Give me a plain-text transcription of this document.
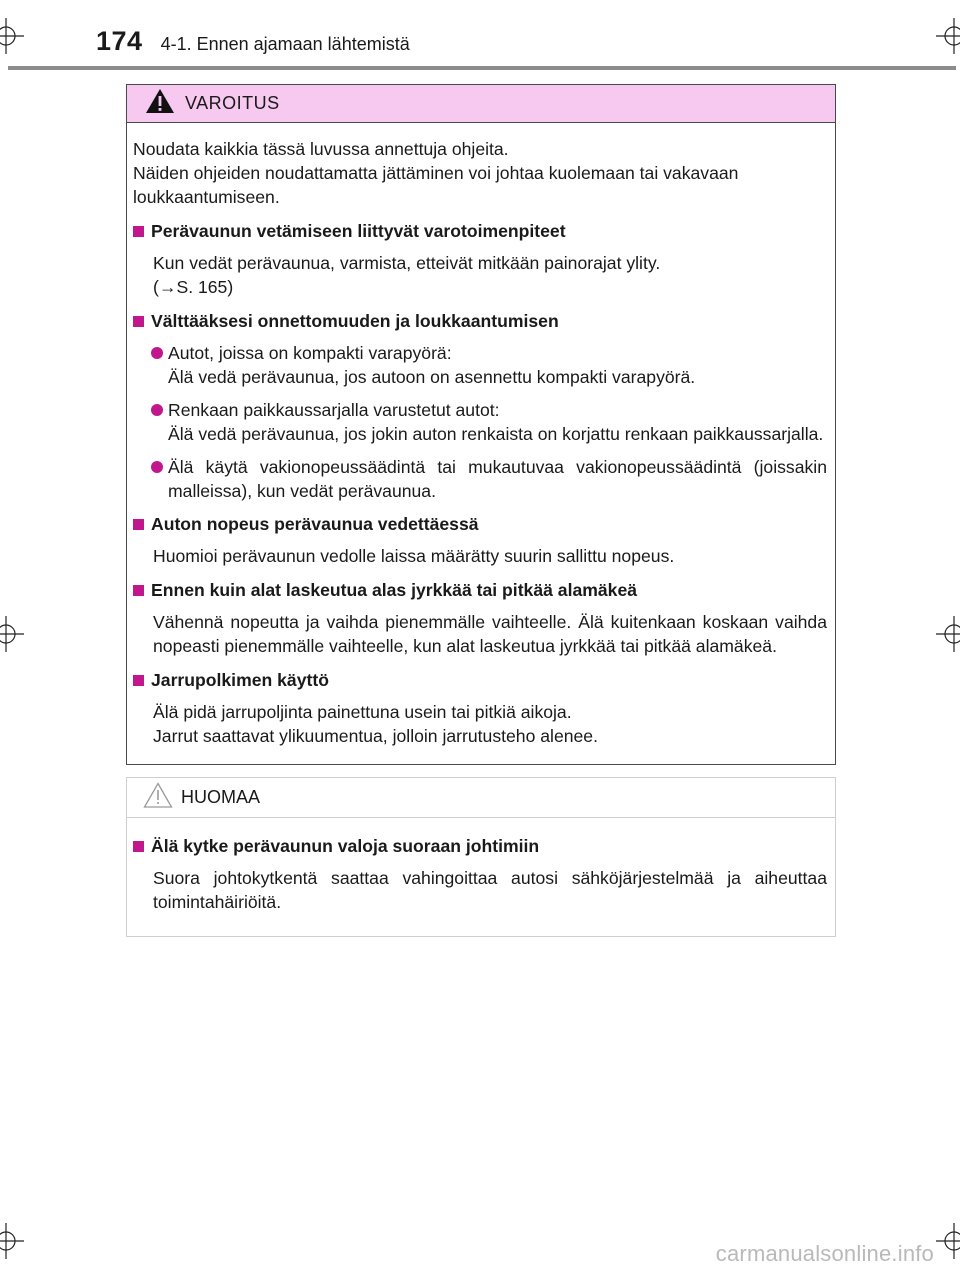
174 4-1. Ennen ajamaan lähtemistä
VAROITUS
Noudata kaikkia tässä luvussa annettuja ohjeita.
Näiden ohjeiden noudattamatta jättäminen voi johtaa kuolemaan tai vakavaan loukkaantumiseen.
Perävaunun vetämiseen liittyvät varotoimenpiteet
Kun vedät perävaunua, varmista, etteivät mitkään painorajat ylity.
(→S. 165)
Välttääksesi onnettomuuden ja loukkaantumisen
Autot, joissa on kompakti varapyörä:
Älä vedä perävaunua, jos autoon on asennettu kompakti varapyörä.
Renkaan paikkaussarjalla varustetut autot:
Älä vedä perävaunua, jos jokin auton renkaista on korjattu renkaan paikkaussarjalla.
Älä käytä vakionopeussäädintä tai mukautuvaa vakionopeussäädintä (joissakin malleissa), kun vedät perävaunua.
Auton nopeus perävaunua vedettäessä
Huomioi perävaunun vedolle laissa määrätty suurin sallittu nopeus.
Ennen kuin alat laskeutua alas jyrkkää tai pitkää alamäkeä
Vähennä nopeutta ja vaihda pienemmälle vaihteelle. Älä kuitenkaan koskaan vaihda nopeasti pienemmälle vaihteelle, kun alat laskeutua jyrkkää tai pitkää alamäkeä.
Jarrupolkimen käyttö
Älä pidä jarrupoljinta painettuna usein tai pitkiä aikoja.
Jarrut saattavat ylikuumentua, jolloin jarrutusteho alenee.
HUOMAA
Älä kytke perävaunun valoja suoraan johtimiin
Suora johtokytkentä saattaa vahingoittaa autosi sähköjärjestelmää ja aiheuttaa toimintahäiriöitä.
carmanualsonline.info
